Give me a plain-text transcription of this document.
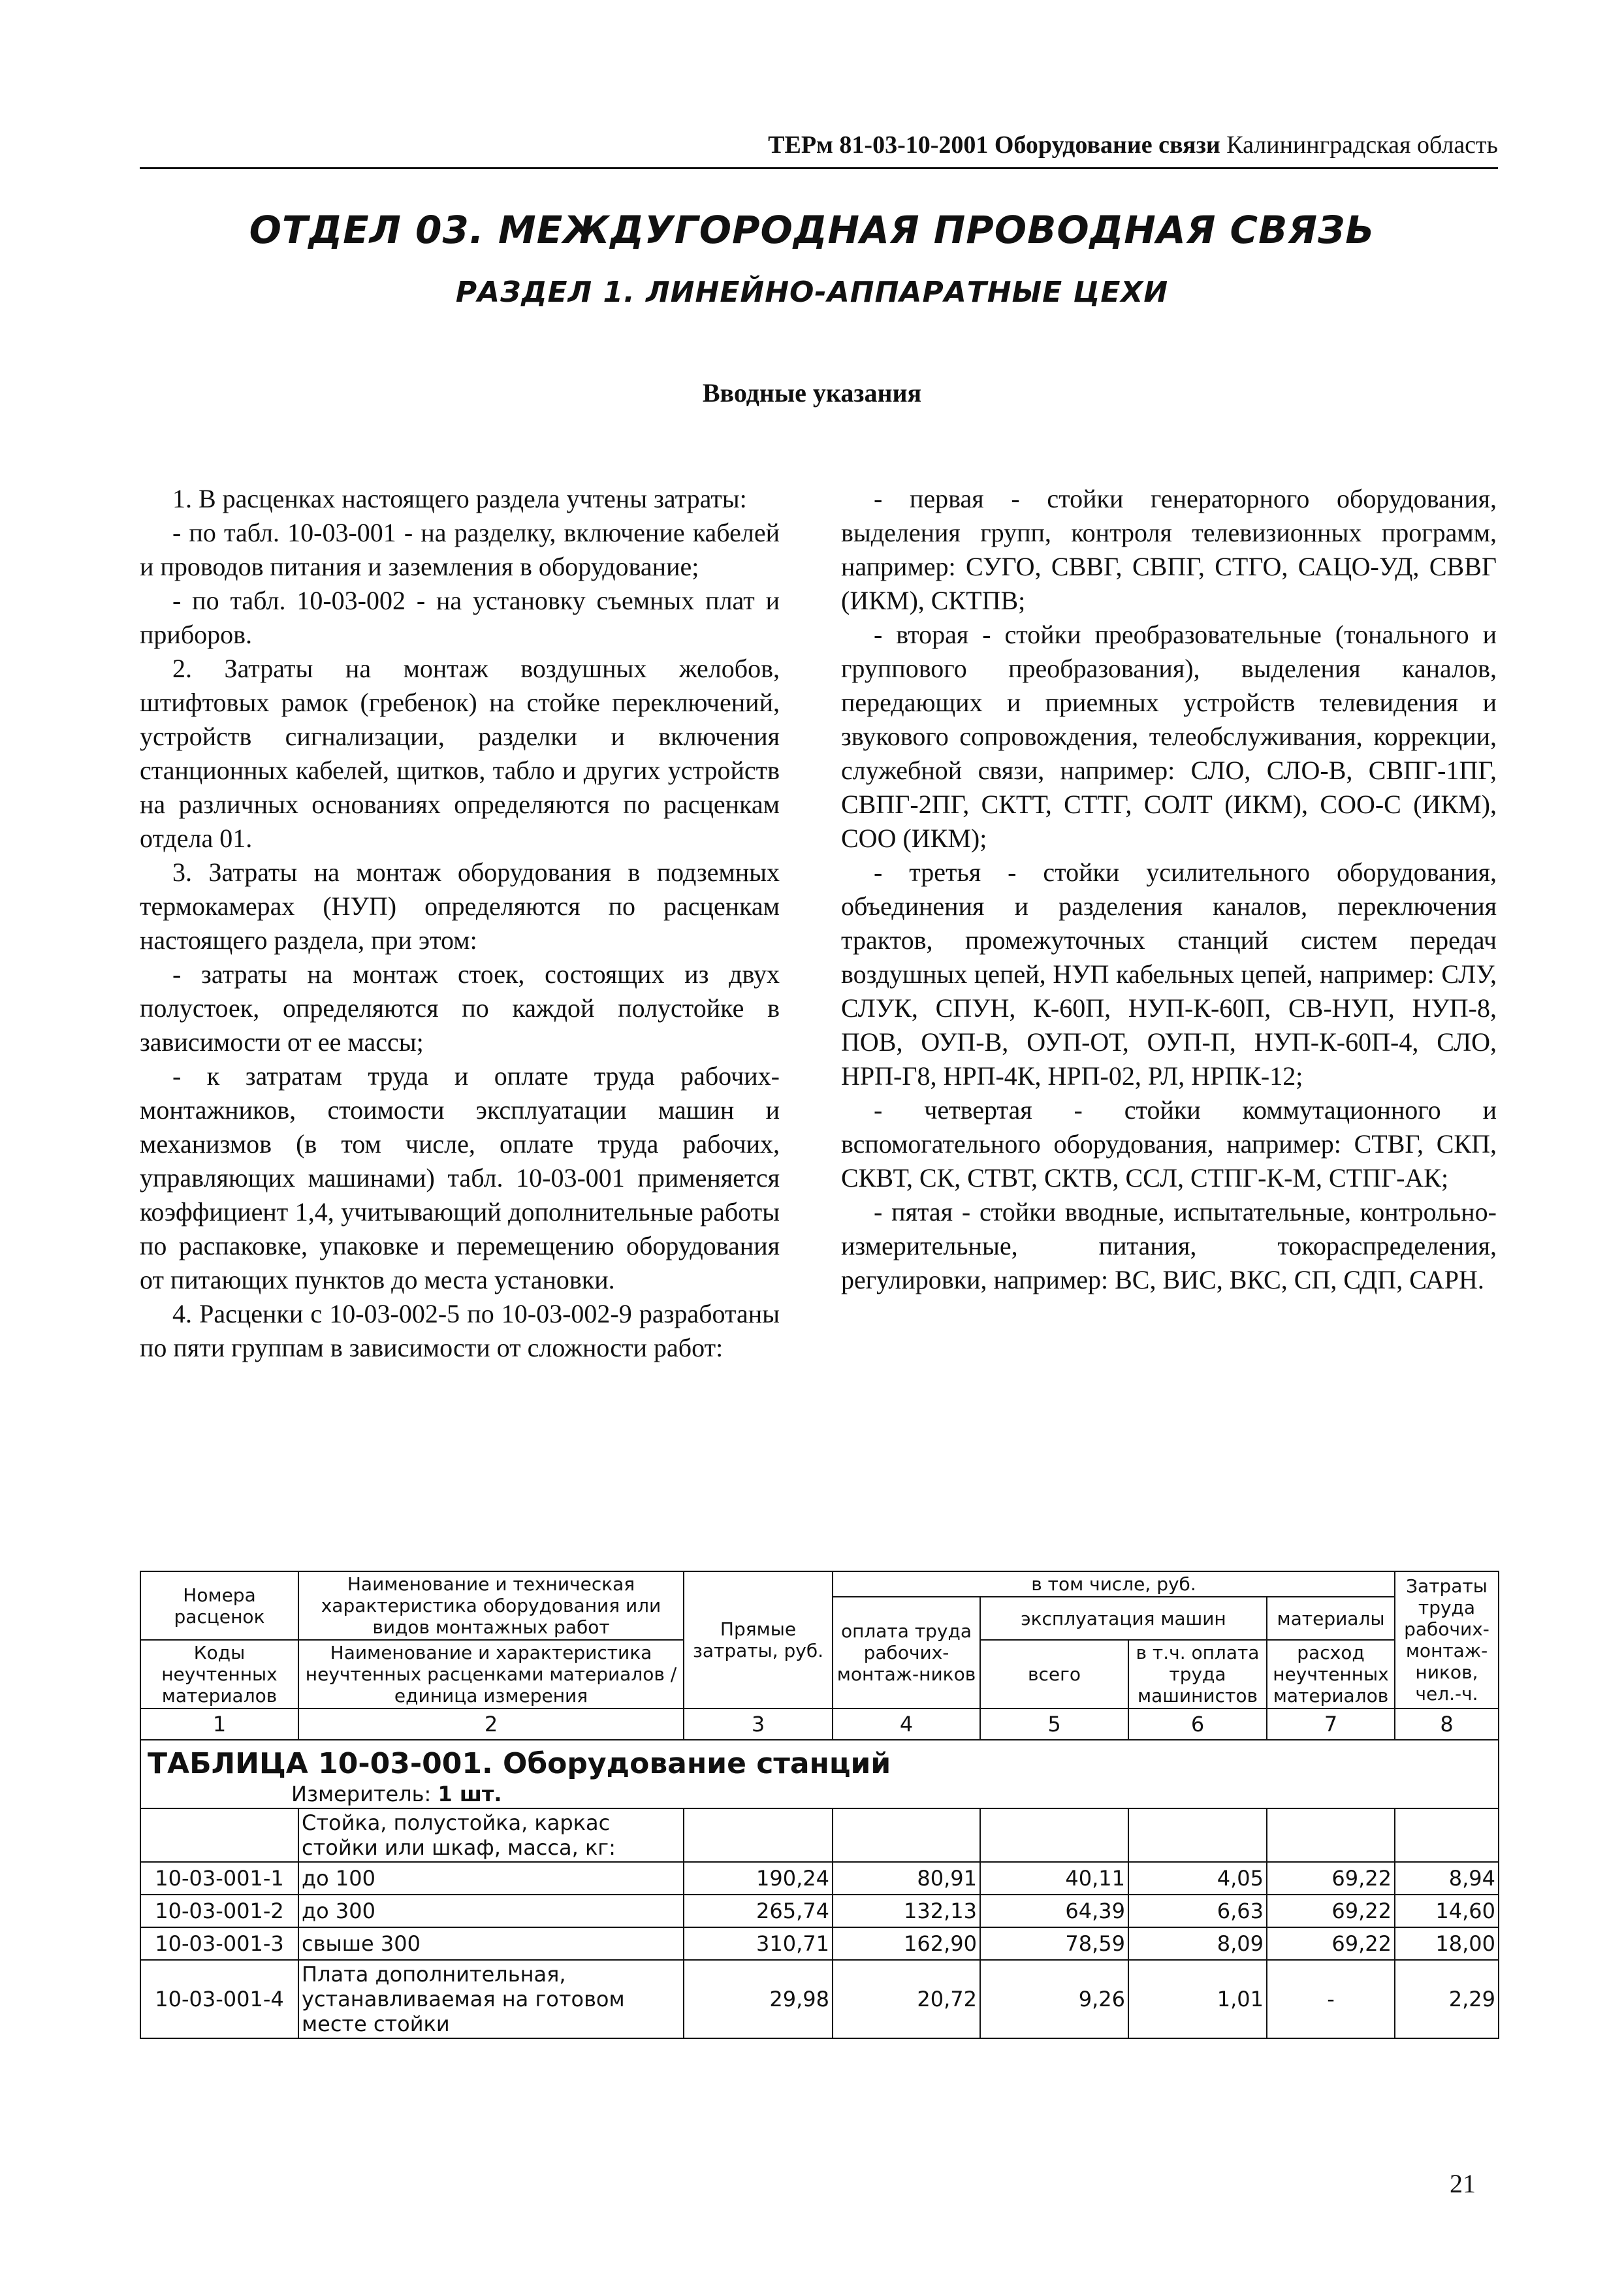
ТЕРм 81-03-10-2001 Оборудование связи Калининградская область
ОТДЕЛ 03. МЕЖДУГОРОДНАЯ ПРОВОДНАЯ СВЯЗЬ
РАЗДЕЛ 1. ЛИНЕЙНО-АППАРАТНЫЕ ЦЕХИ
Вводные указания

1. В расценках настоящего раздела учтены затраты:

- по табл. 10-03-001 - на разделку, включение кабелей и проводов питания и заземления в оборудование;

- по табл. 10-03-002 - на установку съемных плат и приборов.

2. Затраты на монтаж воздушных желобов, штифтовых рамок (гребенок) на стойке переключений, устройств сигнализации, разделки и включения станционных кабелей, щитков, табло и других устройств на различных основаниях определяются по расценкам отдела 01.

3. Затраты на монтаж оборудования в подземных термокамерах (НУП) определяются по расценкам настоящего раздела, при этом:

- затраты на монтаж стоек, состоящих из двух полустоек, определяются по каждой полустойке в зависимости от ее массы;

- к затратам труда и оплате труда рабочих-монтажников, стоимости эксплуатации машин и механизмов (в том числе, оплате труда рабочих, управляющих машинами) табл. 10-03-001 применяется коэффициент 1,4, учитывающий дополнительные работы по распаковке, упаковке и перемещению оборудования от питающих пунктов до места установки.

4. Расценки с 10-03-002-5 по 10-03-002-9 разработаны по пяти группам в зависимости от сложности работ:

- первая - стойки генераторного оборудования, выделения групп, контроля телевизионных программ, например: СУГО, СВВГ, СВПГ, СТГО, САЦО-УД, СВВГ (ИКМ), СКТПВ;

- вторая - стойки преобразовательные (тонального и группового преобразования), выделения каналов, передающих и приемных устройств телевидения и звукового сопровождения, телеобслуживания, коррекции, служебной связи, например: СЛО, СЛО-В, СВПГ-1ПГ, СВПГ-2ПГ, СКТТ, СТТГ, СОЛТ (ИКМ), СОО-С (ИКМ), СОО (ИКМ);

- третья - стойки усилительного оборудования, объединения и разделения каналов, переключения трактов, промежуточных станций систем передач воздушных цепей, НУП кабельных цепей, например: СЛУ, СЛУК, СПУН, К-60П, НУП-К-60П, СВ-НУП, НУП-8, ПОВ, ОУП-В, ОУП-ОТ, ОУП-П, НУП-К-60П-4, СЛО, НРП-Г8, НРП-4К, НРП-02, РЛ, НРПК-12;

- четвертая - стойки коммутационного и вспомогательного оборудования, например: СТВГ, СКП, СКВТ, СК, СТВТ, СКТВ, ССЛ, СТПГ-К-М, СТПГ-АК;

- пятая - стойки вводные, испытательные, контрольно-измерительные, питания, токораспределения, регулировки, например: ВС, ВИС, ВКС, СП, СДП, САРН.

Номера расценок	Наименование и техническая характеристика оборудования или видов монтажных работ	Прямые затраты, руб.	в том числе, руб.				Затраты труда рабочих-монтаж-ников, чел.-ч.
			оплата труда рабочих-монтаж-ников	эксплуатация машин		материалы	
Коды неучтенных материалов	Наименование и характеристика неучтенных расценками материалов / единица измерения			всего	в т.ч. оплата труда машинистов	расход неучтенных материалов	

1	2	3	4	5	6	7	8
ТАБЛИЦА 10-03-001. Оборудование станций							
Измеритель: 1 шт.							
	Стойка, полустойка, каркас стойки или шкаф, масса, кг:						
10-03-001-1	до 100	190,24	80,91	40,11	4,05	69,22	8,94
10-03-001-2	до 300	265,74	132,13	64,39	6,63	69,22	14,60
10-03-001-3	свыше 300	310,71	162,90	78,59	8,09	69,22	18,00
10-03-001-4	Плата дополнительная, устанавливаемая на готовом месте стойки	29,98	20,72	9,26	1,01	-	2,29
21
